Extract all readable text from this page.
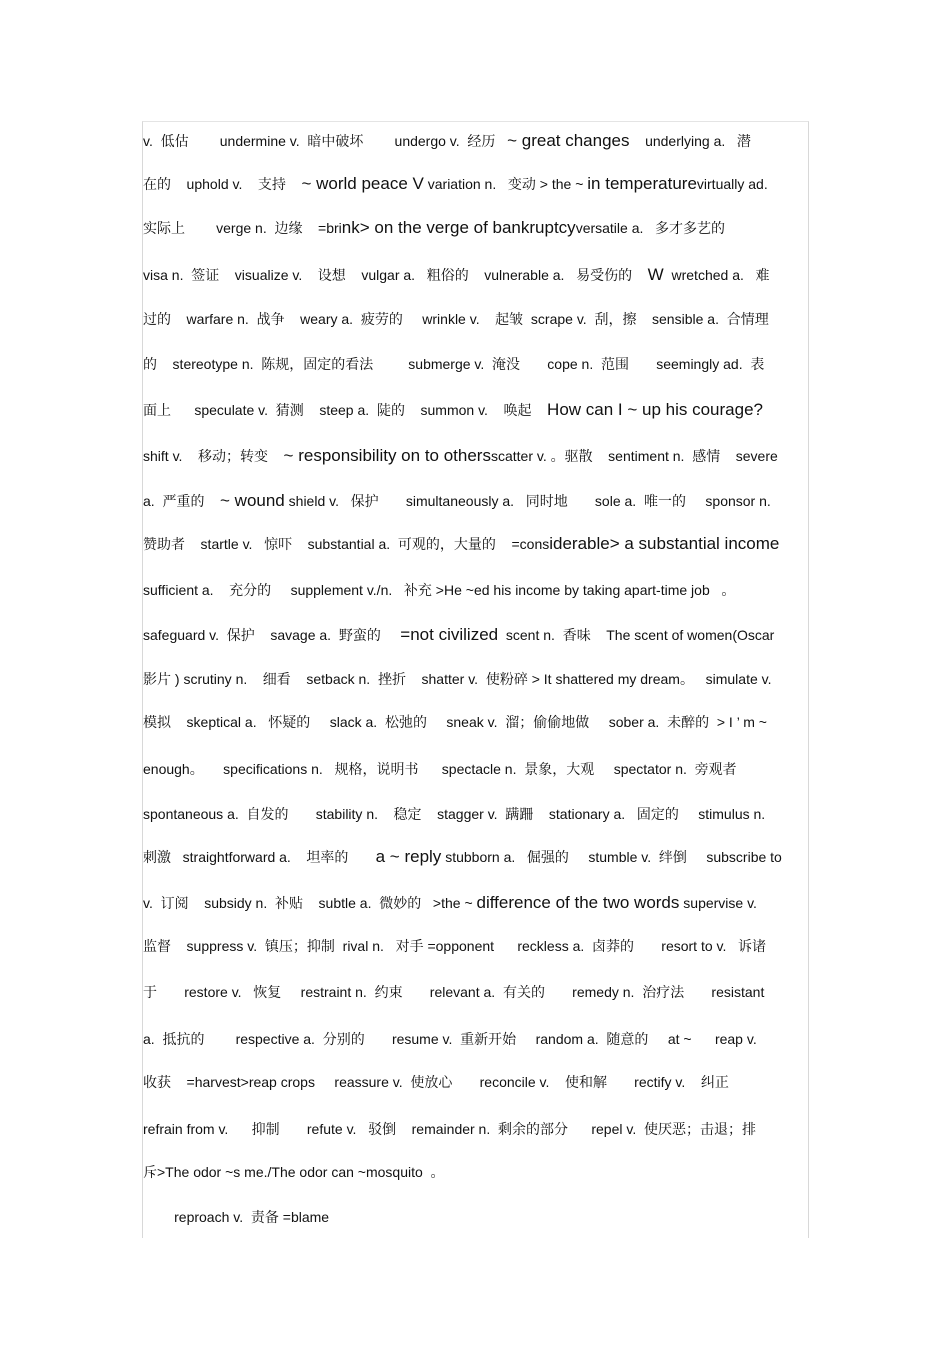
v.  低估        undermine v.  暗中破坏        undergo v.  经历   ~ great changes    underlying a.   潜
在的    uphold v.    支持    ~ world peace V variation n.   变动 > the ~ in temperaturevirtually ad.
实际上        verge n.  边缘    =brink> on the verge of bankruptcyversatile a.   多才多艺的
visa n.  签证    visualize v.    设想    vulgar a.   粗俗的    vulnerable a.   易受伤的    W  wretched a.   难
过的    warfare n.  战争    weary a.  疲劳的     wrinkle v.    起皱  scrape v.  刮，擦    sensible a.  合情理
的    stereotype n.  陈规，固定的看法         submerge v.  淹没       cope n.  范围       seemingly ad.  表
面上      speculate v.  猜测    steep a.  陡的    summon v.    唤起    How can I ~ up his courage?
shift v.    移动；转变    ~ responsibility on to othersscatter v. 。驱散    sentiment n.  感情    severe
a.  严重的    ~ wound shield v.   保护       simultaneously a.   同时地       sole a.  唯一的     sponsor n.
赞助者    startle v.   惊吓    substantial a.  可观的，大量的    =considerable> a substantial income
sufficient a.    充分的     supplement v./n.   补充 >He ~ed his income by taking apart-time job   。
safeguard v.  保护    savage a.  野蛮的     =not civilized  scent n.  香味    The scent of women(Oscar
影片 ) scrutiny n.    细看    setback n.  挫折    shatter v.  使粉碎 > It shattered my dream。   simulate v.
模拟    skeptical a.   怀疑的     slack a.  松弛的     sneak v.  溜；偷偷地做     sober a.  未醉的  > I ’ m ~
enough。     specifications n.   规格，说明书      spectacle n.  景象，大观     spectator n.  旁观者
spontaneous a.  自发的       stability n.    稳定    stagger v.  蹒跚    stationary a.   固定的     stimulus n.
刺激   straightforward a.    坦率的       a ~ reply stubborn a.   倔强的     stumble v.  绊倒     subscribe to
v.  订阅    subsidy n.  补贴    subtle a.  微妙的   >the ~ difference of the two words supervise v.
监督    suppress v.  镇压；抑制  rival n.   对手 =opponent      reckless a.  卤莽的       resort to v.   诉诸
于       restore v.   恢复     restraint n.  约束       relevant a.  有关的       remedy n.  治疗法       resistant
a.  抵抗的        respective a.  分别的       resume v.  重新开始     random a.  随意的     at ~      reap v.
收获    =harvest>reap crops     reassure v.  使放心       reconcile v.    使和解       rectify v.    纠正
refrain from v.      抑制       refute v.   驳倒    remainder n.  剩余的部分      repel v.  使厌恶；击退；排
斥>The odor ~s me./The odor can ~mosquito  。
reproach v.  责备 =blame
